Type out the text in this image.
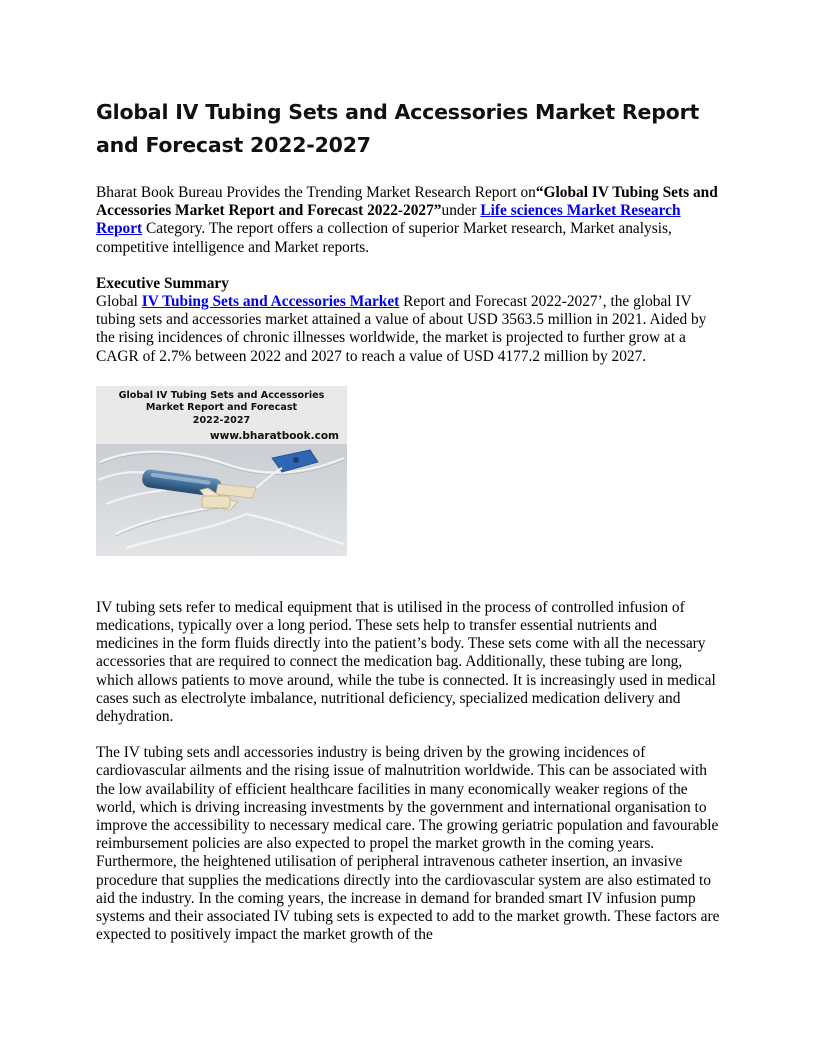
Global IV Tubing Sets and Accessories Market Report and Forecast 2022-2027

Bharat Book Bureau Provides the Trending Market Research Report on“Global IV Tubing Sets and Accessories Market Report and Forecast 2022-2027”under Life sciences Market Research Report Category. The report offers a collection of superior Market research, Market analysis, competitive intelligence and Market reports.

Executive Summary
Global IV Tubing Sets and Accessories Market Report and Forecast 2022-2027’, the global IV tubing sets and accessories market attained a value of about USD 3563.5 million in 2021. Aided by the rising incidences of chronic illnesses worldwide, the market is projected to further grow at a CAGR of 2.7% between 2022 and 2027 to reach a value of USD 4177.2 million by 2027.

Global IV Tubing Sets and Accessories
Market Report and Forecast
2022-2027
www.bharatbook.com

IV tubing sets refer to medical equipment that is utilised in the process of controlled infusion of medications, typically over a long period. These sets help to transfer essential nutrients and medicines in the form fluids directly into the patient’s body. These sets come with all the necessary accessories that are required to connect the medication bag. Additionally, these tubing are long, which allows patients to move around, while the tube is connected. It is increasingly used in medical cases such as electrolyte imbalance, nutritional deficiency, specialized medication delivery and dehydration.

The IV tubing sets andl accessories industry is being driven by the growing incidences of cardiovascular ailments and the rising issue of malnutrition worldwide. This can be associated with the low availability of efficient healthcare facilities in many economically weaker regions of the world, which is driving increasing investments by the government and international organisation to improve the accessibility to necessary medical care. The growing geriatric population and favourable reimbursement policies are also expected to propel the market growth in the coming years. Furthermore, the heightened utilisation of peripheral intravenous catheter insertion, an invasive procedure that supplies the medications directly into the cardiovascular system are also estimated to aid the industry. In the coming years, the increase in demand for branded smart IV infusion pump systems and their associated IV tubing sets is expected to add to the market growth. These factors are expected to positively impact the market growth of the
